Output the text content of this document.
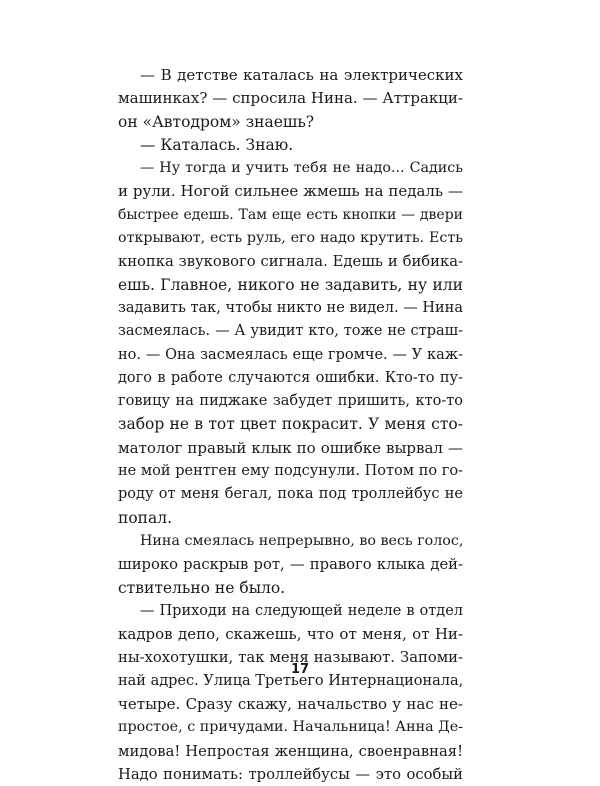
— В детстве каталась на электрических
машинках? — спросила Нина. — Аттракци-
он «Автодром» знаешь?
— Каталась. Знаю.
— Ну тогда и учить тебя не надо... Садись
и рули. Ногой сильнее жмешь на педаль —
быстрее едешь. Там еще есть кнопки — двери
открывают, есть руль, его надо крутить. Есть
кнопка звукового сигнала. Едешь и бибика-
ешь. Главное, никого не задавить, ну или
задавить так, чтобы никто не видел. — Нина
засмеялась. — А увидит кто, тоже не страш-
но. — Она засмеялась еще громче. — У каж-
дого в работе случаются ошибки. Кто-то пу-
говицу на пиджаке забудет пришить, кто-то
забор не в тот цвет покрасит. У меня сто-
матолог правый клык по ошибке вырвал —
не мой рентген ему подсунули. Потом по го-
роду от меня бегал, пока под троллейбус не
попал.
Нина смеялась непрерывно, во весь голос,
широко раскрыв рот, — правого клыка дей-
ствительно не было.
— Приходи на следующей неделе в отдел
кадров депо, скажешь, что от меня, от Ни-
ны-хохотушки, так меня называют. Запоми-
най адрес. Улица Третьего Интернационала,
четыре. Сразу скажу, начальство у нас не-
простое, с причудами. Начальница! Анна Де-
мидова! Непростая женщина, своенравная!
Надо понимать: троллейбусы — это особый
17
